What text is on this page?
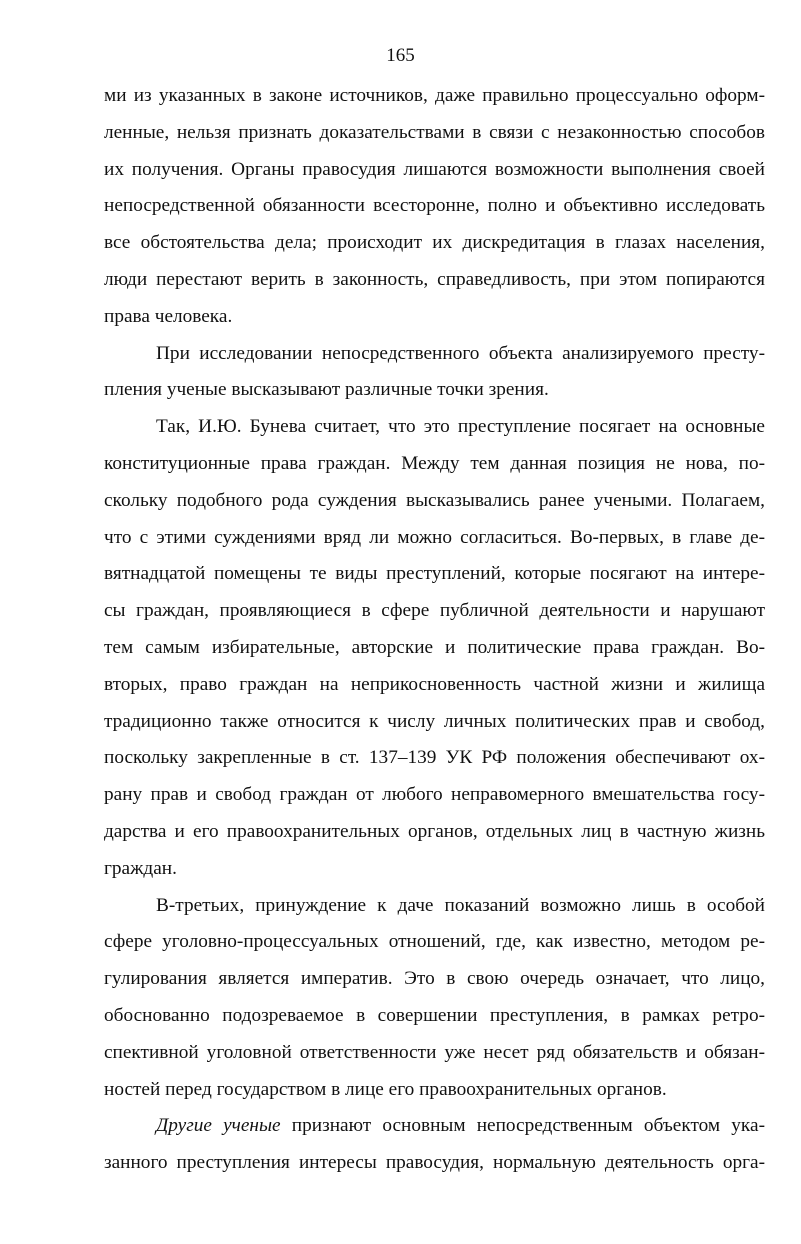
165
ми из указанных в законе источников, даже правильно процессуально оформ-
ленные, нельзя признать доказательствами в связи с незаконностью способов
их получения. Органы правосудия лишаются возможности выполнения своей
непосредственной обязанности всесторонне, полно и объективно исследовать
все обстоятельства дела; происходит их дискредитация в глазах населения,
люди перестают верить в законность, справедливость, при этом попираются
права человека.
При исследовании непосредственного объекта анализируемого престу-
пления ученые высказывают различные точки зрения.
Так, И.Ю. Бунева считает, что это преступление посягает на основные
конституционные права граждан. Между тем данная позиция не нова, по-
скольку подобного рода суждения высказывались ранее учеными. Полагаем,
что с этими суждениями вряд ли можно согласиться. Во-первых, в главе де-
вятнадцатой помещены те виды преступлений, которые посягают на интере-
сы граждан, проявляющиеся в сфере публичной деятельности и нарушают
тем самым избирательные, авторские и политические права граждан. Во-
вторых, право граждан на неприкосновенность частной жизни и жилища
традиционно также относится к числу личных политических прав и свобод,
поскольку закрепленные в ст. 137–139 УК РФ положения обеспечивают ох-
рану прав и свобод граждан от любого неправомерного вмешательства госу-
дарства и его правоохранительных органов, отдельных лиц в частную жизнь
граждан.
В-третьих, принуждение к даче показаний возможно лишь в особой
сфере уголовно-процессуальных отношений, где, как известно, методом ре-
гулирования является императив. Это в свою очередь означает, что лицо,
обоснованно подозреваемое в совершении преступления, в рамках ретро-
спективной уголовной ответственности уже несет ряд обязательств и обязан-
ностей перед государством в лице его правоохранительных органов.
Другие ученые признают основным непосредственным объектом ука-
занного преступления интересы правосудия, нормальную деятельность орга-
